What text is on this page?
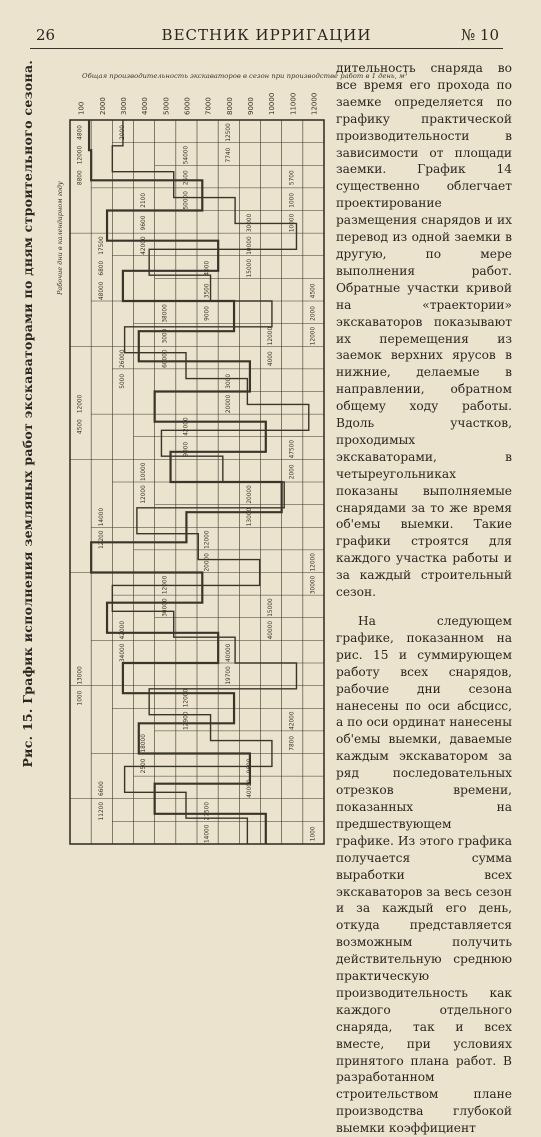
26	ВЕСТНИК ИРРИГАЦИИ	№ 10
Рис. 15. График исполнения земляных работ экскаваторами по дням строительного сезона.	Общая производительность экскаваторов в сезон при производстве работ в 1 день, м³
100 2000 3000 4000 5000 6000 7000 8000 9000 10000 11000 12000
Рабочие дни в календарном году
4800
54000
5700
2100
30000
17500
4000
4500
38000
12000
26000
3000
12000
42000
47500
10000
20000
14000
12000
12000
12000
15000
42000
40000
13000
12000
42000
18000
9600
6600
27500
1000
12500
12000
2500
1000
9600
10000
6800
3500
2000
3000
4000
5000
20000
4500
9000
2000
12000
13000
12200
20000
30000
30000
40000
34000
19700
1000
12900
7800
2500
40000
11200
14000
2000
7740
8800
50000
10000
42000
15000
48000
9000
12000
60000

дительность снаряда во все время его прохода по заемке определяется по графику практической производительности в зависимости от площади заемки. График 14 существенно облегчает проектирование размещения снарядов и их перевод из одной заемки в другую, по мере выполнения работ. Обратные участки кривой на «траектории» экскаваторов показывают их перемещения из заемок верхних ярусов в нижние, делаемые в направлении, обратном общему ходу работы. Вдоль участков, проходимых экскаваторами, в четыреугольниках показаны выполняемые снарядами за то же время об'емы выемки. Такие графики строятся для каждого участка работы и за каждый строительный сезон.

На следующем графике, показанном на рис. 15 и суммирующем работу всех снарядов, рабочие дни сезона нанесены по оси абсцисс, а по оси ординат нанесены об'емы выемки, даваемые каждым экскаватором за ряд последовательных отрезков времени, показанных на предшествующем графике. Из этого графика получается сумма выработки всех экскаваторов за весь сезон и за каждый его день, откуда представляется возможным получить действительную среднюю практическую производительность как каждого отдельного снаряда, так и всех вместе, при условиях принятого плана работ. В разработанном строительством плане производства глубокой выемки коэффициент
